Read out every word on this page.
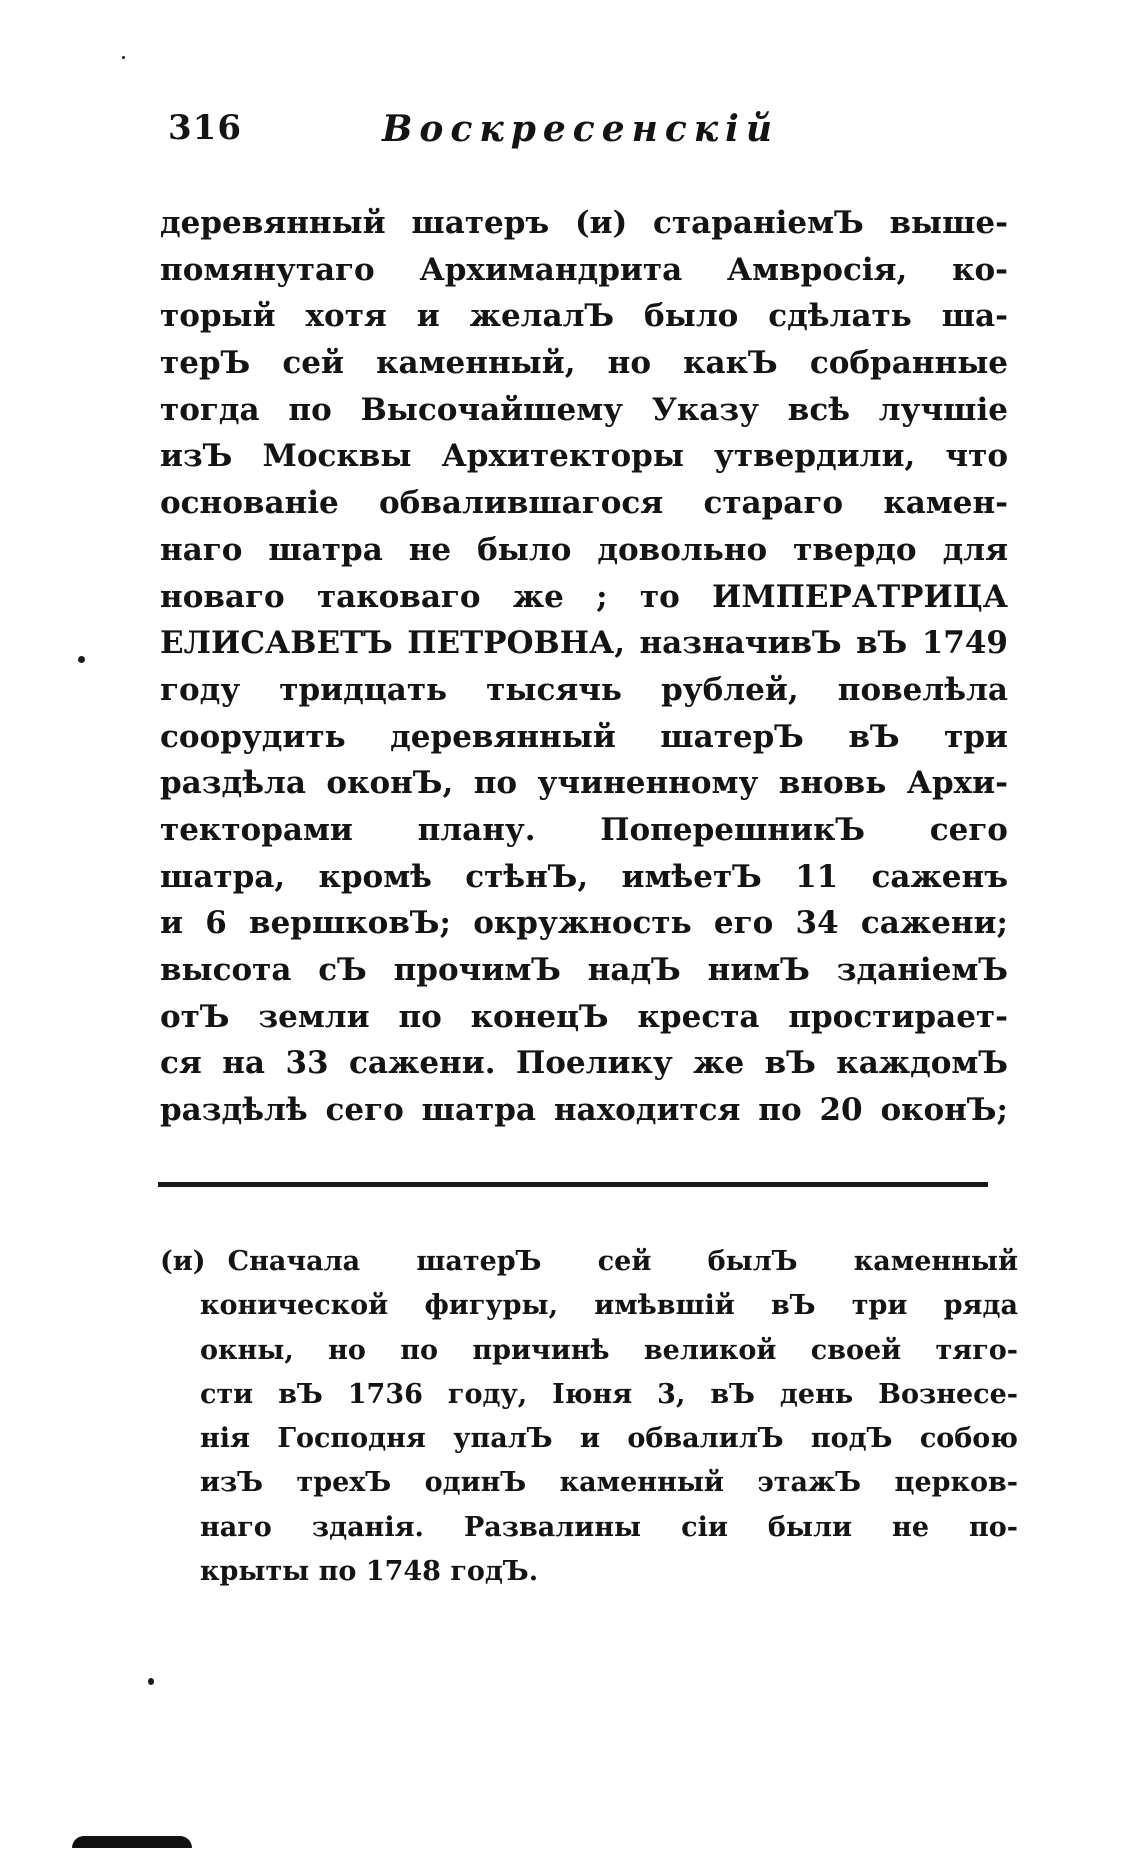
316	Воскресенскій
деревянный шатеръ (и) стараніемЪ выше-
помянутаго Архимандрита Амвросія, ко-
торый хотя и желалЪ было сдѣлать ша-
терЪ сей каменный, но какЪ собранные
тогда по Высочайшему Указу всѣ лучшіе
изЪ Москвы Архитекторы утвердили, что
основаніе обвалившагося стараго камен-
наго шатра не было довольно твердо для
новаго таковаго же ; то ИМПЕРАТРИЦА
ЕЛИСАВЕТЪ ПЕТРОВНА, назначивЪ вЪ 1749
году тридцать тысячь рублей, повелѣла
соорудить деревянный шатерЪ вЪ три
раздѣла оконЪ, по учиненному вновь Архи-
текторами плану. ПоперешникЪ сего
шатра, кромѣ стѣнЪ, имѣетЪ 11 саженъ
и 6 вершковЪ; окружность его 34 сажени;
высота сЪ прочимЪ надЪ нимЪ зданіемЪ
отЪ земли по конецЪ креста простирает-
ся на 33 сажени. Поелику же вЪ каждомЪ
раздѣлѣ сего шатра находится по 20 оконЪ;
(и) Сначала шатерЪ сей былЪ каменный
конической фигуры, имѣвшій вЪ три ряда
окны, но по причинѣ великой своей тяго-
сти вЪ 1736 году, Іюня 3, вЪ день Вознесе-
нія Господня упалЪ и обвалилЪ подЪ собою
изЪ трехЪ одинЪ каменный этажЪ церков-
наго зданія. Развалины сіи были не по-
крыты по 1748 годЪ.
